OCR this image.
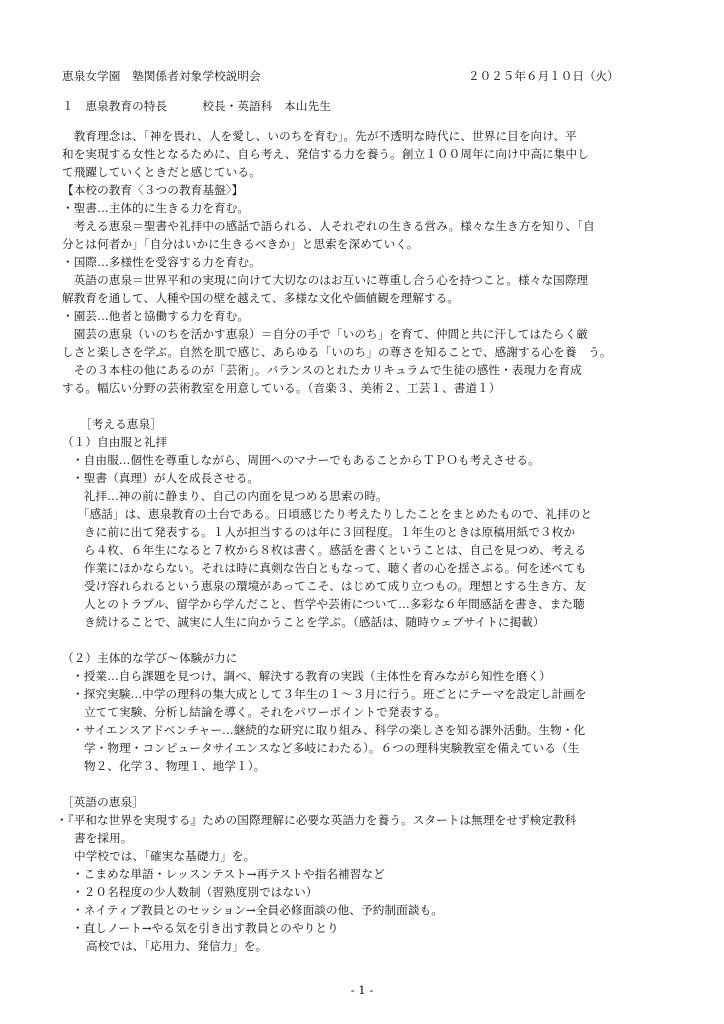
恵泉女学園　塾関係者対象学校説明会	２０２５年６月１０日（火）
１　恵泉教育の特長　　　校長・英語科　本山先生
　教育理念は、「神を畏れ、人を愛し、いのちを育む」。先が不透明な時代に、世界に目を向け、平
和を実現する女性となるために、自ら考え、発信する力を養う。創立１００周年に向け中高に集中し
て飛躍していくときだと感じている。
【本校の教育〈３つの教育基盤〉】
・聖書…主体的に生きる力を育む。
　考える恵泉＝聖書や礼拝中の感話で語られる、人それぞれの生きる営み。様々な生き方を知り、「自
分とは何者か」「自分はいかに生きるべきか」と思索を深めていく。
・国際…多様性を受容する力を育む。
　英語の恵泉＝世界平和の実現に向けて大切なのはお互いに尊重し合う心を持つこと。様々な国際理
解教育を通して、人種や国の壁を越えて、多様な文化や価値観を理解する。
・園芸…他者と協働する力を育む。
　園芸の恵泉（いのちを活かす恵泉）＝自分の手で「いのち」を育て、仲間と共に汗してはたらく厳
しさと楽しさを学ぶ。自然を肌で感じ、あらゆる「いのち」の尊さを知ることで、感謝する心を養　う。
　その３本柱の他にあるのが「芸術」。バランスのとれたカリキュラムで生徒の感性・表現力を育成
する。幅広い分野の芸術教室を用意している。（音楽３、美術２、工芸１、書道１）
［考える恵泉］
（１）自由服と礼拝
・自由服…個性を尊重しながら、周囲へのマナーでもあることからＴＰＯも考えさせる。
・聖書（真理）が人を成長させる。
　礼拝…神の前に静まり、自己の内面を見つめる思索の時。
　「感話」は、恵泉教育の土台である。日頃感じたり考えたりしたことをまとめたもので、礼拝のと
きに前に出て発表する。１人が担当するのは年に３回程度。１年生のときは原稿用紙で３枚か
ら４枚、６年生になると７枚から８枚は書く。感話を書くということは、自己を見つめ、考える
作業にほかならない。それは時に真剣な告白ともなって、聴く者の心を揺さぶる。何を述べても
受け容れられるという恵泉の環境があってこそ、はじめて成り立つもの。理想とする生き方、友
人とのトラブル、留学から学んだこと、哲学や芸術について…多彩な６年間感話を書き、また聴
き続けることで、誠実に人生に向かうことを学ぶ。（感話は、随時ウェブサイトに掲載）
（２）主体的な学び～体験が力に
・授業…自ら課題を見つけ、調べ、解決する教育の実践（主体性を育みながら知性を磨く）
・探究実験…中学の理科の集大成として３年生の１～３月に行う。班ごとにテーマを設定し計画を
立てて実験、分析し結論を導く。それをパワーポイントで発表する。
・サイエンスアドベンチャー…継続的な研究に取り組み、科学の楽しさを知る課外活動。生物・化
学・物理・コンピュータサイエンスなど多岐にわたる）。６つの理科実験教室を備えている（生
物２、化学３、物理１、地学１）。
［英語の恵泉］
・『平和な世界を実現する』ための国際理解に必要な英語力を養う。スタートは無理をせず検定教科
書を採用。
中学校では、「確実な基礎力」を。
・こまめな単語・レッスンテスト→再テストや指名補習など
・２０名程度の少人数制（習熟度別ではない）
・ネイティブ教員とのセッション→全員必修面談の他、予約制面談も。
・直しノート→やる気を引き出す教員とのやりとり
高校では、「応用力、発信力」を。
- 1 -
